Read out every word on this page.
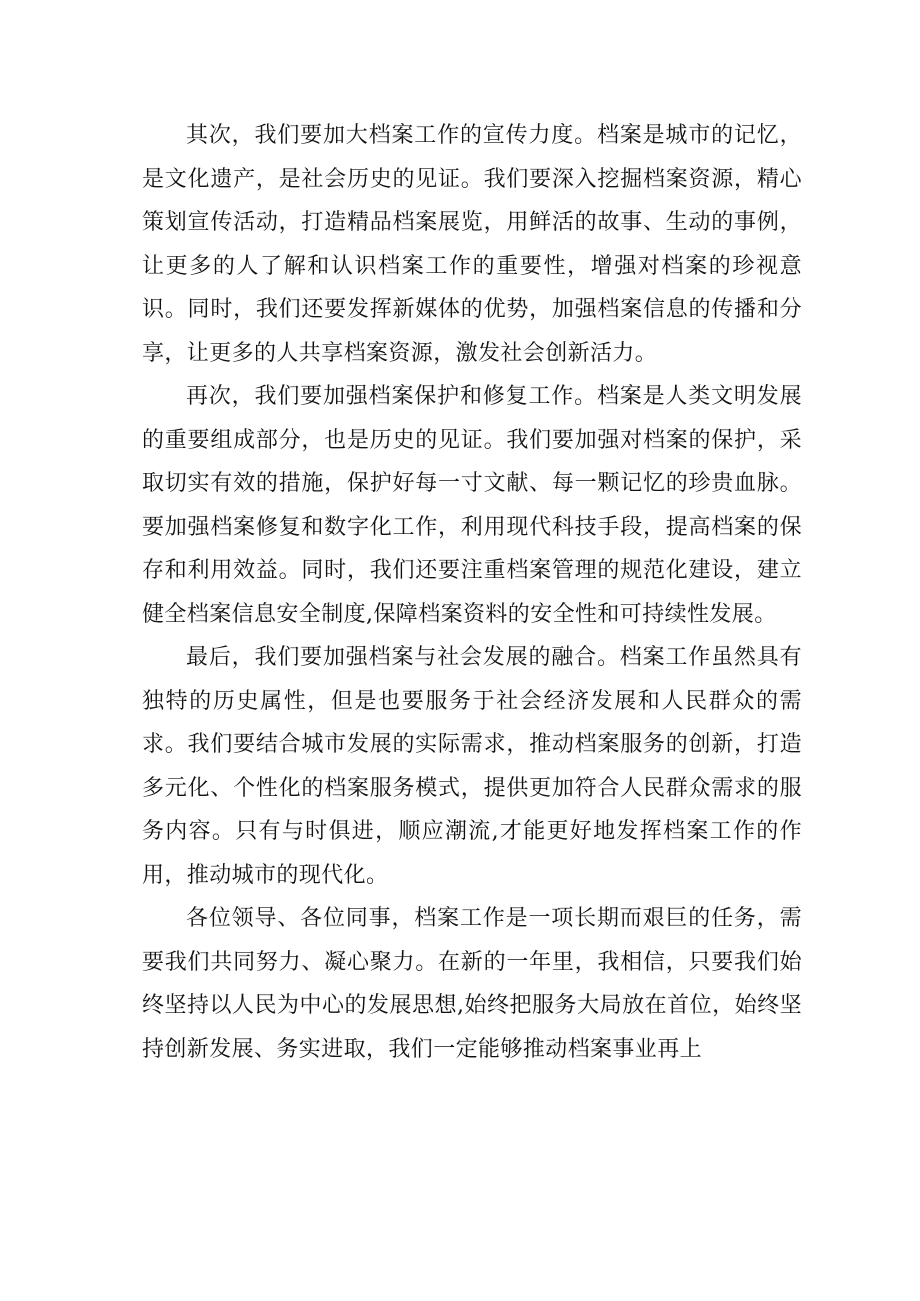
其次，我们要加大档案工作的宣传力度。档案是城市的记忆，是文化遗产，是社会历史的见证。我们要深入挖掘档案资源，精心策划宣传活动，打造精品档案展览，用鲜活的故事、生动的事例，让更多的人了解和认识档案工作的重要性，增强对档案的珍视意识。同时，我们还要发挥新媒体的优势，加强档案信息的传播和分享，让更多的人共享档案资源，激发社会创新活力。

再次，我们要加强档案保护和修复工作。档案是人类文明发展的重要组成部分，也是历史的见证。我们要加强对档案的保护，采取切实有效的措施，保护好每一寸文献、每一颗记忆的珍贵血脉。要加强档案修复和数字化工作，利用现代科技手段，提高档案的保存和利用效益。同时，我们还要注重档案管理的规范化建设，建立健全档案信息安全制度,保障档案资料的安全性和可持续性发展。

最后，我们要加强档案与社会发展的融合。档案工作虽然具有独特的历史属性，但是也要服务于社会经济发展和人民群众的需求。我们要结合城市发展的实际需求，推动档案服务的创新，打造多元化、个性化的档案服务模式，提供更加符合人民群众需求的服务内容。只有与时俱进，顺应潮流,才能更好地发挥档案工作的作用，推动城市的现代化。

各位领导、各位同事，档案工作是一项长期而艰巨的任务，需要我们共同努力、凝心聚力。在新的一年里，我相信，只要我们始终坚持以人民为中心的发展思想,始终把服务大局放在首位，始终坚持创新发展、务实进取，我们一定能够推动档案事业再上
